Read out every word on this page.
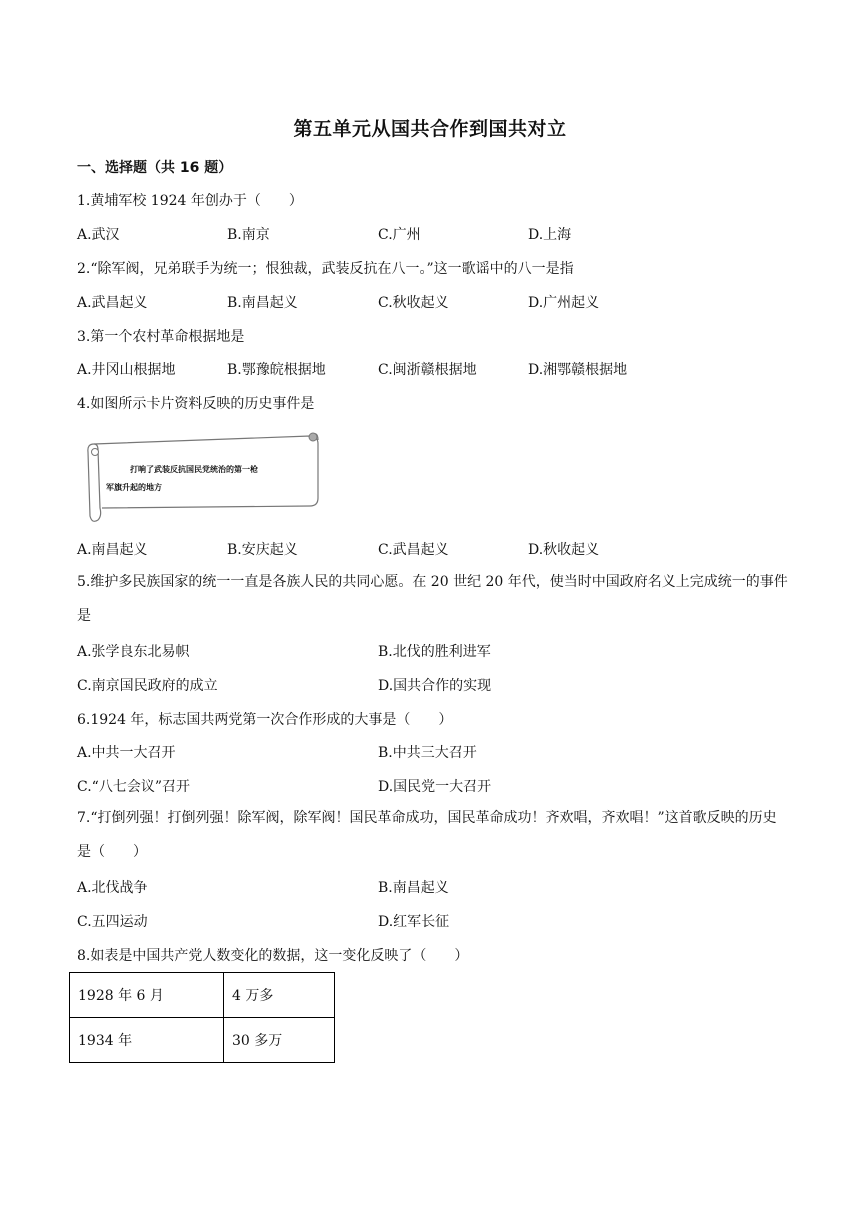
第五单元从国共合作到国共对立
一、选择题（共 16 题）
1.黄埔军校 1924 年创办于（　　）
A.武汉	B.南京	C.广州	D.上海
2.“除军阀，兄弟联手为统一；恨独裁，武装反抗在八一。”这一歌谣中的八一是指
A.武昌起义	B.南昌起义	C.秋收起义	D.广州起义
3.第一个农村革命根据地是
A.井冈山根据地	B.鄂豫皖根据地	C.闽浙赣根据地	D.湘鄂赣根据地
4.如图所示卡片资料反映的历史事件是
打响了武装反抗国民党统治的第一枪
军旗升起的地方
A.南昌起义	B.安庆起义	C.武昌起义	D.秋收起义
5.维护多民族国家的统一一直是各族人民的共同心愿。在 20 世纪 20 年代，使当时中国政府名义上完成统一的事件是
A.张学良东北易帜	B.北伐的胜利进军
C.南京国民政府的成立	D.国共合作的实现
6.1924 年，标志国共两党第一次合作形成的大事是（　　）
A.中共一大召开	B.中共三大召开
C.“八七会议”召开	D.国民党一大召开
7.“打倒列强！打倒列强！除军阀，除军阀！国民革命成功，国民革命成功！齐欢唱，齐欢唱！”这首歌反映的历史是（　　）
A.北伐战争	B.南昌起义
C.五四运动	D.红军长征
8.如表是中国共产党人数变化的数据，这一变化反映了（　　）
1928 年 6 月	4 万多
1934 年	30 多万
